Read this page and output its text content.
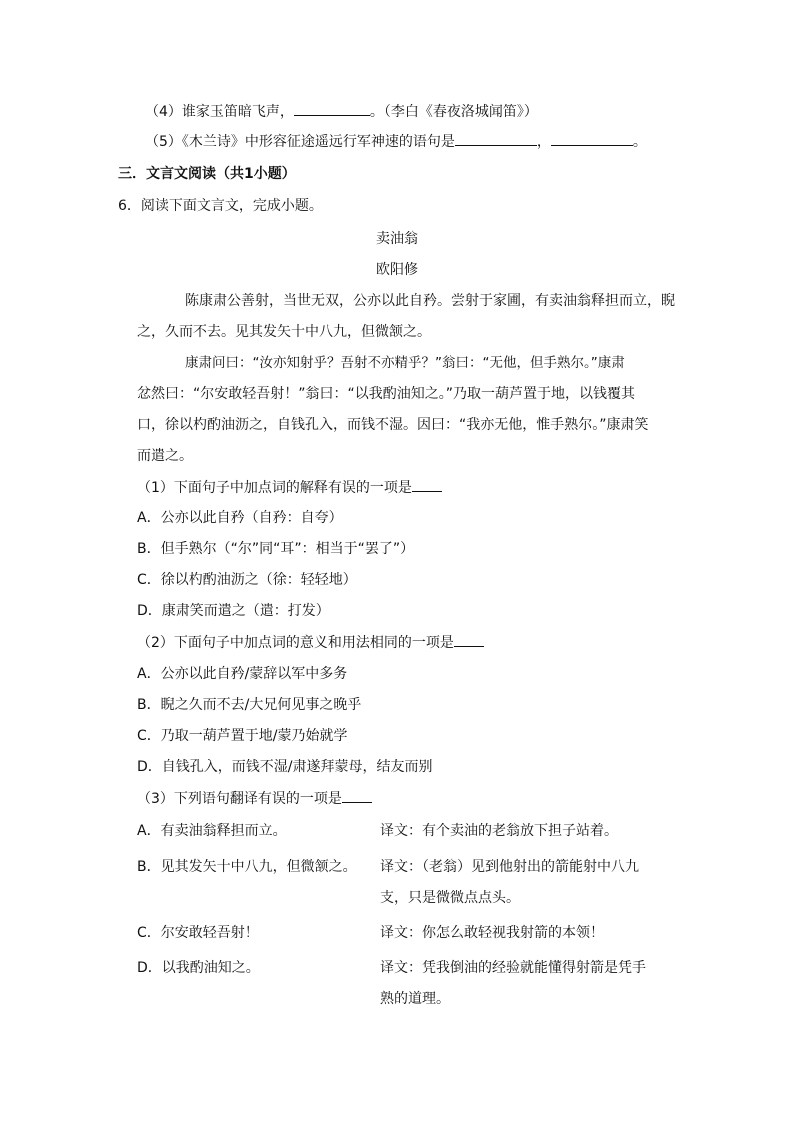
（4）谁家玉笛暗飞声，	。（李白《春夜洛城闻笛》）
（5）《木兰诗》中形容征途遥远行军神速的语句是	，	。
三．文言文阅读（共1小题）
6．阅读下面文言文，完成小题。
卖油翁
欧阳修
陈康肃公善射，当世无双，公亦以此自矜。尝射于家圃，有卖油翁释担而立，睨
之，久而不去。见其发矢十中八九，但微颔之。
康肃问曰：“汝亦知射乎？吾射不亦精乎？”翁曰：“无他，但手熟尔。”康肃
忿然曰：“尔安敢轻吾射！”翁曰：“以我酌油知之。”乃取一葫芦置于地，以钱覆其
口，徐以杓酌油沥之，自钱孔入，而钱不湿。因曰：“我亦无他，惟手熟尔。”康肃笑
而遣之。
（1）下面句子中加点词的解释有误的一项是
A．公亦以此自矜（自矜：自夸）
B．但手熟尔（“尔”同“耳”：相当于“罢了”）
C．徐以杓酌油沥之（徐：轻轻地）
D．康肃笑而遣之（遣：打发）
（2）下面句子中加点词的意义和用法相同的一项是
A．公亦以此自矜/蒙辞以军中多务
B．睨之久而不去/大兄何见事之晚乎
C．乃取一葫芦置于地/蒙乃始就学
D．自钱孔入，而钱不湿/肃遂拜蒙母，结友而别
（3）下列语句翻译有误的一项是
A．有卖油翁释担而立。	译文：有个卖油的老翁放下担子站着。
B．见其发矢十中八九，但微颔之。 译文：（老翁）见到他射出的箭能射中八九
支，只是微微点点头。
C．尔安敢轻吾射！	译文：你怎么敢轻视我射箭的本领！
D．以我酌油知之。	译文：凭我倒油的经验就能懂得射箭是凭手
熟的道理。
